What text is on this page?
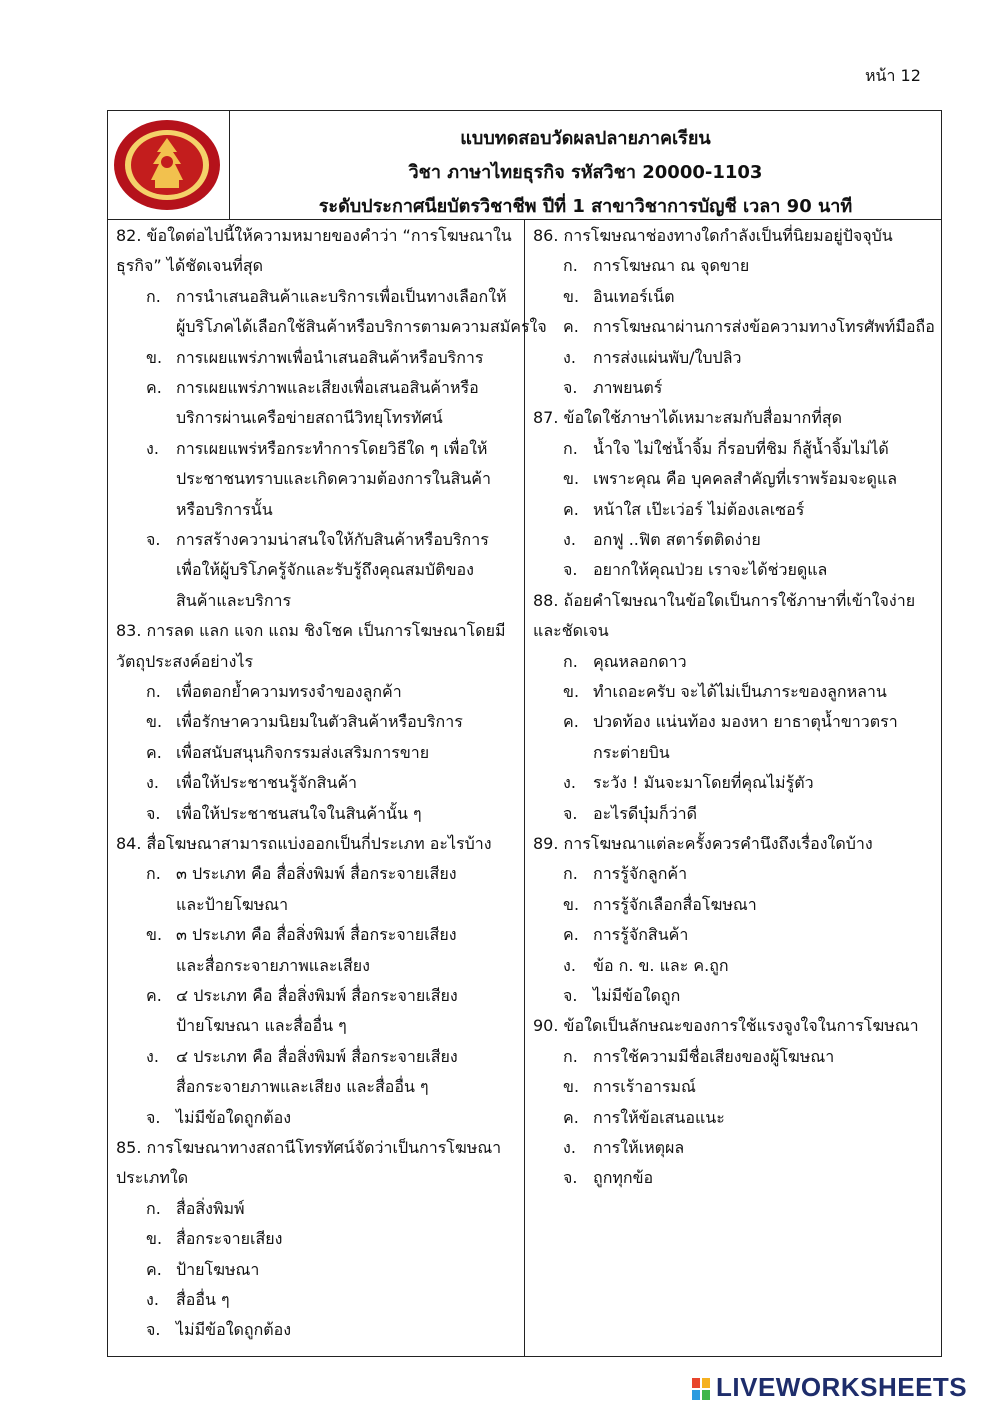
หน้า 12
แบบทดสอบวัดผลปลายภาคเรียน
วิชา ภาษาไทยธุรกิจ รหัสวิชา 20000-1103
ระดับประกาศนียบัตรวิชาชีพ ปีที่ 1 สาขาวิชาการบัญชี เวลา 90 นาที
82. ข้อใดต่อไปนี้ให้ความหมายของคำว่า “การโฆษณาใน
ธุรกิจ” ได้ชัดเจนที่สุด
ก. การนำเสนอสินค้าและบริการเพื่อเป็นทางเลือกให้
ผู้บริโภคได้เลือกใช้สินค้าหรือบริการตามความสมัครใจ
ข. การเผยแพร่ภาพเพื่อนำเสนอสินค้าหรือบริการ
ค. การเผยแพร่ภาพและเสียงเพื่อเสนอสินค้าหรือ
บริการผ่านเครือข่ายสถานีวิทยุโทรทัศน์
ง. การเผยแพร่หรือกระทำการโดยวิธีใด ๆ เพื่อให้
ประชาชนทราบและเกิดความต้องการในสินค้า
หรือบริการนั้น
จ. การสร้างความน่าสนใจให้กับสินค้าหรือบริการ
เพื่อให้ผู้บริโภครู้จักและรับรู้ถึงคุณสมบัติของ
สินค้าและบริการ
83. การลด แลก แจก แถม ชิงโชค เป็นการโฆษณาโดยมี
วัตถุประสงค์อย่างไร
ก. เพื่อตอกย้ำความทรงจำของลูกค้า
ข. เพื่อรักษาความนิยมในตัวสินค้าหรือบริการ
ค. เพื่อสนับสนุนกิจกรรมส่งเสริมการขาย
ง. เพื่อให้ประชาชนรู้จักสินค้า
จ. เพื่อให้ประชาชนสนใจในสินค้านั้น ๆ
84. สื่อโฆษณาสามารถแบ่งออกเป็นกี่ประเภท อะไรบ้าง
ก. ๓ ประเภท คือ สื่อสิ่งพิมพ์ สื่อกระจายเสียง
และป้ายโฆษณา
ข. ๓ ประเภท คือ สื่อสิ่งพิมพ์ สื่อกระจายเสียง
และสื่อกระจายภาพและเสียง
ค. ๔ ประเภท คือ สื่อสิ่งพิมพ์ สื่อกระจายเสียง
ป้ายโฆษณา และสื่ออื่น ๆ
ง. ๔ ประเภท คือ สื่อสิ่งพิมพ์ สื่อกระจายเสียง
สื่อกระจายภาพและเสียง และสื่ออื่น ๆ
จ. ไม่มีข้อใดถูกต้อง
85. การโฆษณาทางสถานีโทรทัศน์จัดว่าเป็นการโฆษณา
ประเภทใด
ก. สื่อสิ่งพิมพ์
ข. สื่อกระจายเสียง
ค. ป้ายโฆษณา
ง. สื่ออื่น ๆ
จ. ไม่มีข้อใดถูกต้อง
86. การโฆษณาช่องทางใดกำลังเป็นที่นิยมอยู่ปัจจุบัน
ก. การโฆษณา ณ จุดขาย
ข. อินเทอร์เน็ต
ค. การโฆษณาผ่านการส่งข้อความทางโทรศัพท์มือถือ
ง. การส่งแผ่นพับ/ใบปลิว
จ. ภาพยนตร์
87. ข้อใดใช้ภาษาได้เหมาะสมกับสื่อมากที่สุด
ก. น้ำใจ ไม่ใช่น้ำจิ้ม กี่รอบที่ชิม ก็สู้น้ำจิ้มไม่ได้
ข. เพราะคุณ คือ บุคคลสำคัญที่เราพร้อมจะดูแล
ค. หน้าใส เป๊ะเว่อร์ ไม่ต้องเลเซอร์
ง. อกฟู ..ฟิต สตาร์ตติดง่าย
จ. อยากให้คุณป่วย เราจะได้ช่วยดูแล
88. ถ้อยคำโฆษณาในข้อใดเป็นการใช้ภาษาที่เข้าใจง่าย
และชัดเจน
ก. คุณหลอกดาว
ข. ทำเถอะครับ จะได้ไม่เป็นภาระของลูกหลาน
ค. ปวดท้อง แน่นท้อง มองหา ยาธาตุน้ำขาวตรา
กระต่ายบิน
ง. ระวัง ! มันจะมาโดยที่คุณไม่รู้ตัว
จ. อะไรดีบุ๋มก็ว่าดี
89. การโฆษณาแต่ละครั้งควรคำนึงถึงเรื่องใดบ้าง
ก. การรู้จักลูกค้า
ข. การรู้จักเลือกสื่อโฆษณา
ค. การรู้จักสินค้า
ง. ข้อ ก. ข. และ ค.ถูก
จ. ไม่มีข้อใดถูก
90. ข้อใดเป็นลักษณะของการใช้แรงจูงใจในการโฆษณา
ก. การใช้ความมีชื่อเสียงของผู้โฆษณา
ข. การเร้าอารมณ์
ค. การให้ข้อเสนอแนะ
ง. การให้เหตุผล
จ. ถูกทุกข้อ
LIVEWORKSHEETS
